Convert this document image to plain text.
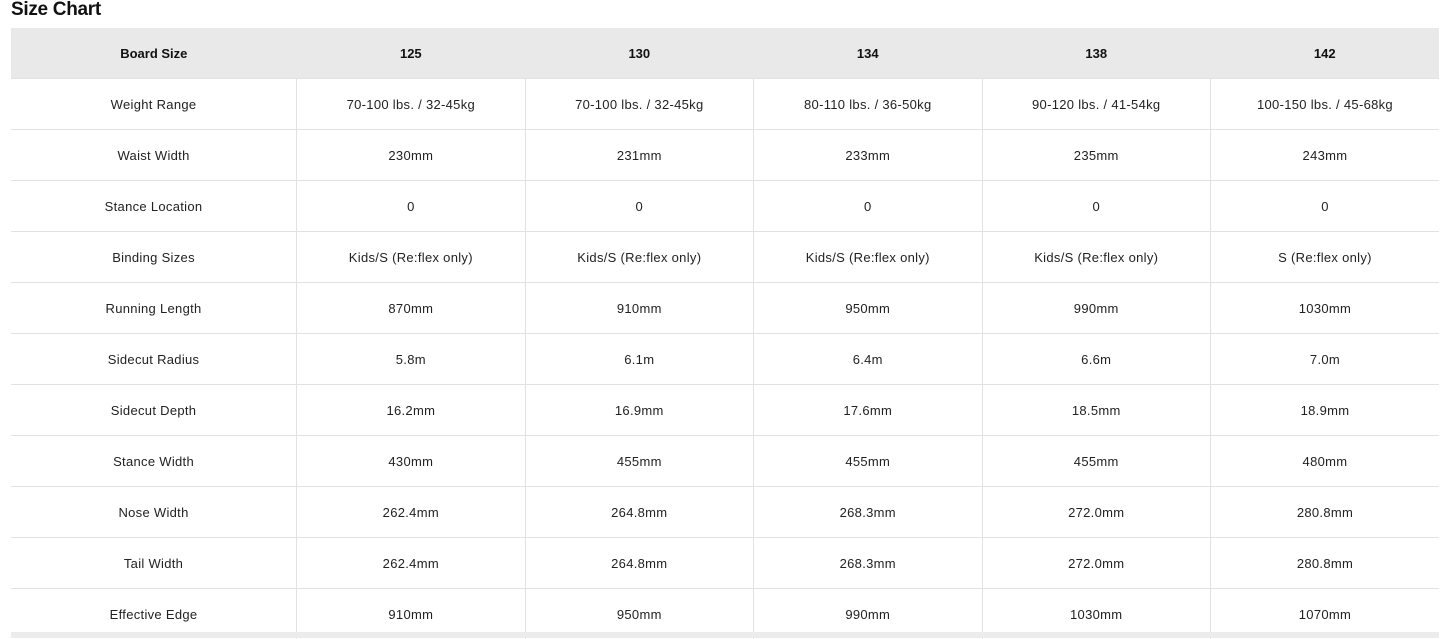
Size Chart
Board Size	125	130	134	138	142
Weight Range	70-100 lbs. / 32-45kg	70-100 lbs. / 32-45kg	80-110 lbs. / 36-50kg	90-120 lbs. / 41-54kg	100-150 lbs. / 45-68kg
Waist Width	230mm	231mm	233mm	235mm	243mm
Stance Location	0	0	0	0	0
Binding Sizes	Kids/S (Re:flex only)	Kids/S (Re:flex only)	Kids/S (Re:flex only)	Kids/S (Re:flex only)	S (Re:flex only)
Running Length	870mm	910mm	950mm	990mm	1030mm
Sidecut Radius	5.8m	6.1m	6.4m	6.6m	7.0m
Sidecut Depth	16.2mm	16.9mm	17.6mm	18.5mm	18.9mm
Stance Width	430mm	455mm	455mm	455mm	480mm
Nose Width	262.4mm	264.8mm	268.3mm	272.0mm	280.8mm
Tail Width	262.4mm	264.8mm	268.3mm	272.0mm	280.8mm
Effective Edge	910mm	950mm	990mm	1030mm	1070mm
